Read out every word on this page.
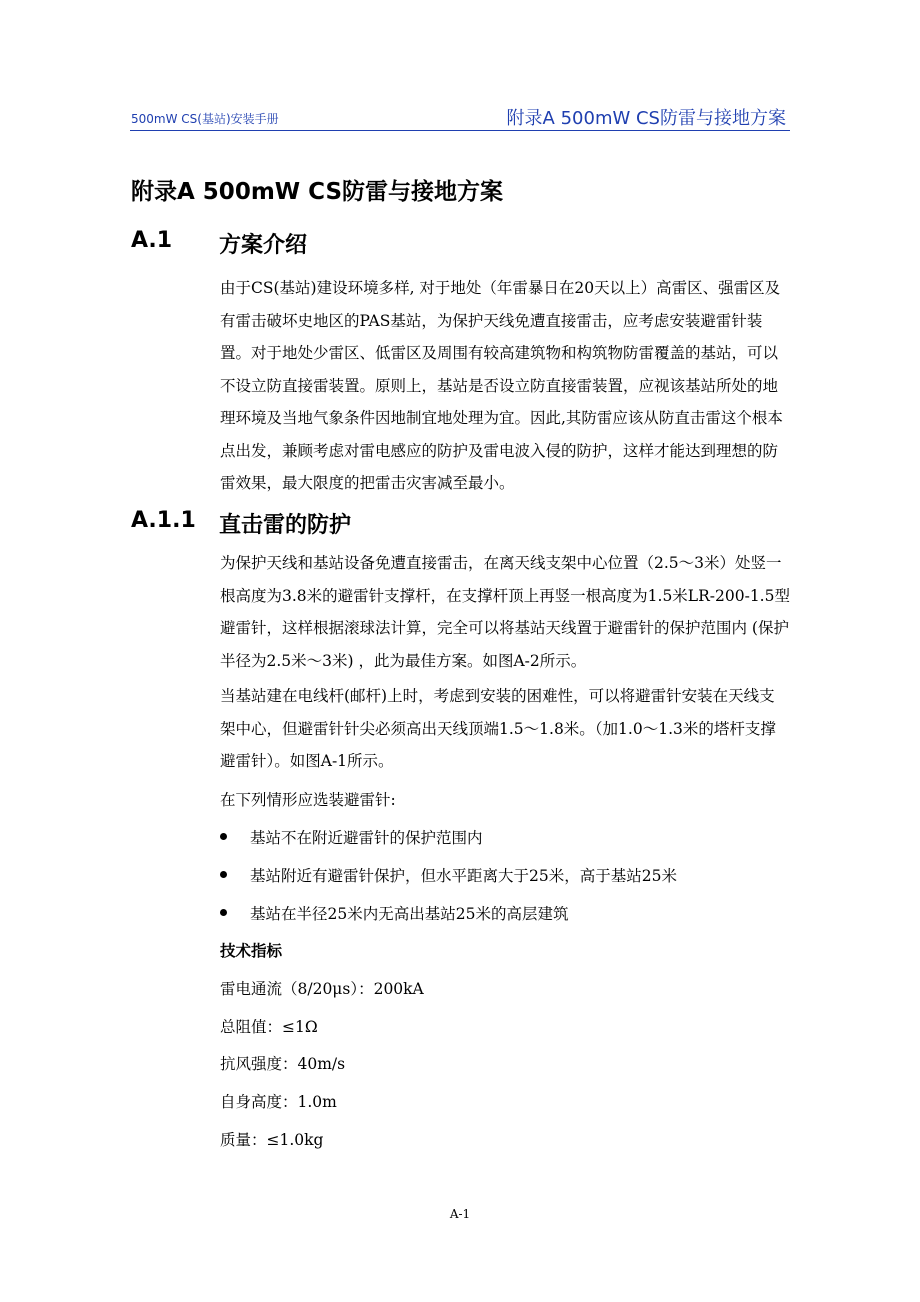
500mW CS(基站)安装手册	附录A 500mW CS防雷与接地方案
附录A 500mW CS防雷与接地方案
A.1 方案介绍
由于CS(基站)建设环境多样, 对于地处（年雷暴日在20天以上）高雷区、强雷区及有雷击破坏史地区的PAS基站，为保护天线免遭直接雷击，应考虑安装避雷针装置。对于地处少雷区、低雷区及周围有较高建筑物和构筑物防雷覆盖的基站，可以不设立防直接雷装置。原则上，基站是否设立防直接雷装置，应视该基站所处的地理环境及当地气象条件因地制宜地处理为宜。因此,其防雷应该从防直击雷这个根本点出发，兼顾考虑对雷电感应的防护及雷电波入侵的防护，这样才能达到理想的防雷效果，最大限度的把雷击灾害减至最小。
A.1.1 直击雷的防护
为保护天线和基站设备免遭直接雷击，在离天线支架中心位置（2.5～3米）处竖一根高度为3.8米的避雷针支撑杆，在支撑杆顶上再竖一根高度为1.5米LR-200-1.5型避雷针，这样根据滚球法计算，完全可以将基站天线置于避雷针的保护范围内 (保护半径为2.5米～3米) ，此为最佳方案。如图A-2所示。
当基站建在电线杆(邮杆)上时，考虑到安装的困难性，可以将避雷针安装在天线支架中心，但避雷针针尖必须高出天线顶端1.5～1.8米。（加1.0～1.3米的塔杆支撑避雷针）。如图A-1所示。
在下列情形应选装避雷针:
基站不在附近避雷针的保护范围内
基站附近有避雷针保护，但水平距离大于25米，高于基站25米
基站在半径25米内无高出基站25米的高层建筑
技术指标
雷电通流（8/20μs）：200kA
总阻值：≤1Ω
抗风强度：40m/s
自身高度：1.0m
质量：≤1.0kg
A-1
